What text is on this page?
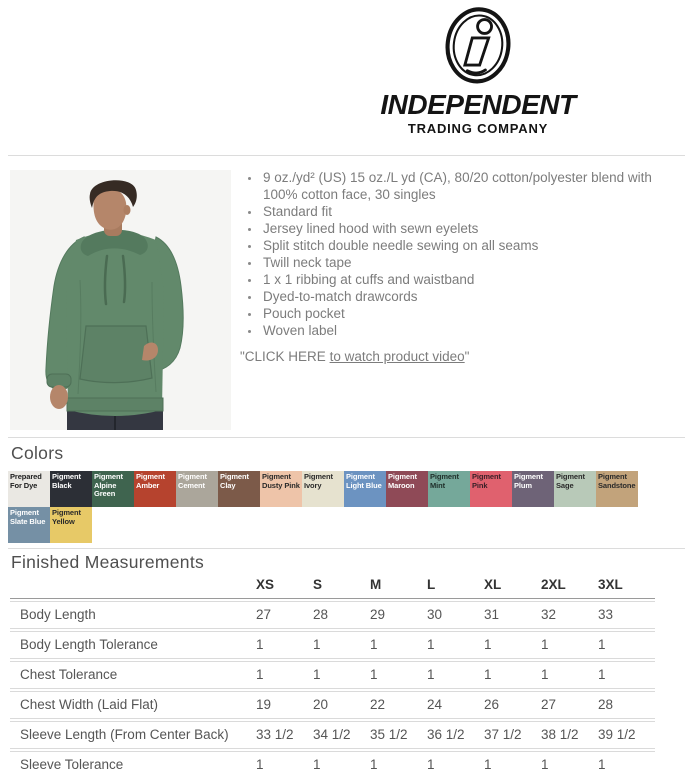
INDEPENDENT
TRADING COMPANY
• 9 oz./yd² (US) 15 oz./L yd (CA), 80/20 cotton/polyester blend with 100% cotton face, 30 singles
• Standard fit
• Jersey lined hood with sewn eyelets
• Split stitch double needle sewing on all seams
• Twill neck tape
• 1 x 1 ribbing at cuffs and waistband
• Dyed-to-match drawcords
• Pouch pocket
• Woven label

"CLICK HERE to watch product video"

Colors
Prepared For Dye
Pigment Black
Pigment Alpine Green
Pigment Amber
Pigment Cement
Pigment Clay
Pigment Dusty Pink
Pigment Ivory
Pigment Light Blue
Pigment Maroon
Pigment Mint
Pigment Pink
Pigment Plum
Pigment Sage
Pigment Sandstone
Pigment Slate Blue
Pigment Yellow
Finished Measurements
	XS	S	M	L	XL	2XL	3XL
Body Length	27	28	29	30	31	32	33
Body Length Tolerance	1	1	1	1	1	1	1
Chest Tolerance	1	1	1	1	1	1	1
Chest Width (Laid Flat)	19	20	22	24	26	27	28
Sleeve Length (From Center Back)	33 1/2	34 1/2	35 1/2	36 1/2	37 1/2	38 1/2	39 1/2
Sleeve Tolerance	1	1	1	1	1	1	1
